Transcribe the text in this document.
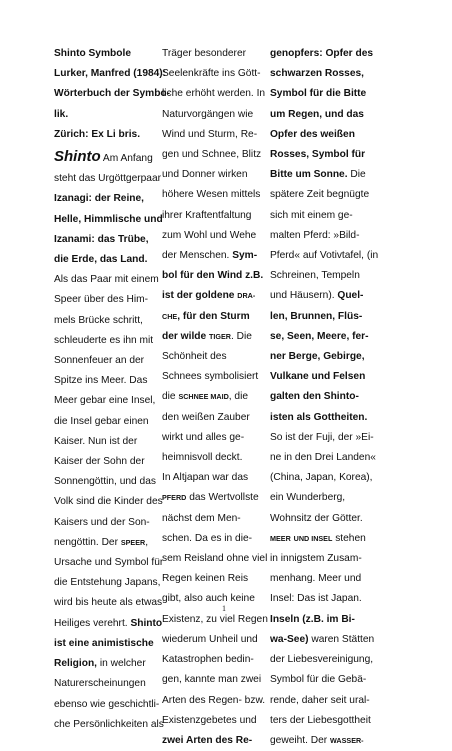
Shinto Symbole

Lurker, Manfred (1984):

Wörterbuch der Symbo-

lik.

Zürich: Ex Li bris.

Shinto Am Anfang

steht das Urgöttgerpaar

Izanagi: der Reine,

Helle, Himmlische und

Izanami: das Trübe,

die Erde, das Land.

Als das Paar mit einem

Speer über des Him-

mels Brücke schritt,

schleuderte es ihn mit

Sonnenfeuer an der

Spitze ins Meer. Das

Meer gebar eine Insel,

die Insel gebar einen

Kaiser. Nun ist der

Kaiser der Sohn der

Sonnengöttin, und das

Volk sind die Kinder des

Kaisers und der Son-

nengöttin. Der SPEER,

Ursache und Symbol für

die Entstehung Japans,

wird bis heute als etwas

Heiliges verehrt. Shinto

ist eine animistische

Religion, in welcher

Naturerscheinungen

ebenso wie geschichtli-

che Persönlichkeiten als

Träger besonderer

Seelenkräfte ins Gött-

liche erhöht werden. In

Naturvorgängen wie

Wind und Sturm, Re-

gen und Schnee, Blitz

und Donner wirken

höhere Wesen mittels

ihrer Kraftentfaltung

zum Wohl und Wehe

der Menschen. Sym-

bol für den Wind z.B.

ist der goldene DRA-

CHE, für den Sturm

der wilde TIGER. Die

Schönheit des

Schnees symbolisiert

die SCHNEE MAID, die

den weißen Zauber

wirkt und alles ge-

heimnisvoll deckt.

In Altjapan war das

PFERD das Wertvollste

nächst dem Men-

schen. Da es in die-

sem Reisland ohne viel

Regen keinen Reis

gibt, also auch keine

Existenz, zu viel Regen

wiederum Unheil und

Katastrophen bedin-

gen, kannte man zwei

Arten des Regen- bzw.

Existenzgebetes und

zwei Arten des Re-

genopfers: Opfer des

schwarzen Rosses,

Symbol für die Bitte

um Regen, und das

Opfer des weißen

Rosses, Symbol für

Bitte um Sonne. Die

spätere Zeit begnügte

sich mit einem ge-

malten Pferd: »Bild-

Pferd« auf Votivtafel, (in

Schreinen, Tempeln

und Häusern). Quel-

len, Brunnen, Flüs-

se, Seen, Meere, fer-

ner Berge, Gebirge,

Vulkane und Felsen

galten den Shinto-

isten als Gottheiten.

So ist der Fuji, der »Ei-

ne in den Drei Landen«

(China, Japan, Korea),

ein Wunderberg,

Wohnsitz der Götter.

MEER UND INSEL stehen

in innigstem Zusam-

menhang. Meer und

Insel: Das ist Japan.

Inseln (z.B. im Bi-

wa-See) waren Stätten

der Liebesvereinigung,

Symbol für die Gebä-

rende, daher seit ural-

ters der Liebesgottheit

geweiht. Der WASSER-

1
